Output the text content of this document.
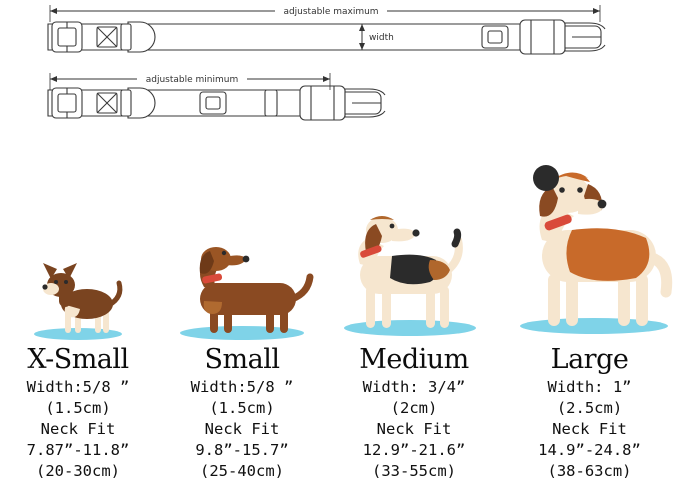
adjustable maximum
width
adjustable minimum
X-Small
Width:5/8 ”
(1.5cm)
Neck Fit
7.87”-11.8”
(20-30cm)
Small
Width:5/8 ”
(1.5cm)
Neck Fit
9.8”-15.7”
(25-40cm)
Medium
Width: 3/4”
(2cm)
Neck Fit
12.9”-21.6”
(33-55cm)
Large
Width: 1”
(2.5cm)
Neck Fit
14.9”-24.8”
(38-63cm)
